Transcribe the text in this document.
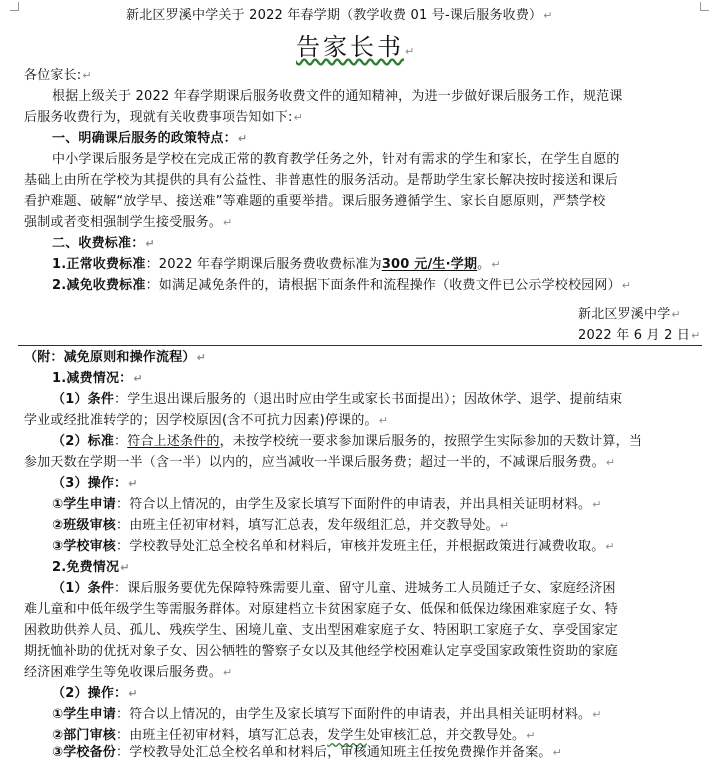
新北区罗溪中学关于 2022 年春学期（教学收费 01 号-课后服务收费）↵
告家长书↵
各位家长:↵
根据上级关于 2022 年春学期课后服务收费文件的通知精神，为进一步做好课后服务工作，规范课
后服务收费行为，现就有关收费事项告知如下:↵
一、明确课后服务的政策特点：↵
中小学课后服务是学校在完成正常的教育教学任务之外，针对有需求的学生和家长，在学生自愿的
基础上由所在学校为其提供的具有公益性、非普惠性的服务活动。是帮助学生家长解决按时接送和课后
看护难题、破解“放学早、接送难”等难题的重要举措。课后服务遵循学生、家长自愿原则，严禁学校
强制或者变相强制学生接受服务。↵
二、收费标准：↵
1.正常收费标准：2022 年春学期课后服务费收费标准为300 元/生·学期。↵
2.减免收费标准：如满足减免条件的，请根据下面条件和流程操作（收费文件已公示学校校园网）↵
新北区罗溪中学↵
2022 年 6 月 2 日↵
（附：减免原则和操作流程）↵
1.减费情况：↵
（1）条件：学生退出课后服务的（退出时应由学生或家长书面提出）；因故休学、退学、提前结束
学业或经批准转学的；因学校原因(含不可抗力因素)停课的。↵
（2）标准：符合上述条件的，未按学校统一要求参加课后服务的，按照学生实际参加的天数计算，当
参加天数在学期一半（含一半）以内的，应当减收一半课后服务费；超过一半的，不减课后服务费。↵
（3）操作：↵
①学生申请：符合以上情况的，由学生及家长填写下面附件的申请表，并出具相关证明材料。↵
②班级审核：由班主任初审材料，填写汇总表，发年级组汇总，并交教导处。↵
③学校审核：学校教导处汇总全校名单和材料后，审核并发班主任，并根据政策进行减费收取。↵
2.免费情况↵
（1）条件：课后服务要优先保障特殊需要儿童、留守儿童、进城务工人员随迁子女、家庭经济困
难儿童和中低年级学生等需服务群体。对原建档立卡贫困家庭子女、低保和低保边缘困难家庭子女、特
困救助供养人员、孤儿、残疾学生、困境儿童、支出型困难家庭子女、特困职工家庭子女、享受国家定
期抚恤补助的优抚对象子女、因公牺牲的警察子女以及其他经学校困难认定享受国家政策性资助的家庭
经济困难学生等免收课后服务费。↵
（2）操作：↵
①学生申请：符合以上情况的，由学生及家长填写下面附件的申请表，并出具相关证明材料。↵
②部门审核：由班主任初审材料，填写汇总表，发学生处审核汇总，并交教导处。↵
③学校备份：学校教导处汇总全校名单和材料后，审核通知班主任按免费操作并备案。↵
